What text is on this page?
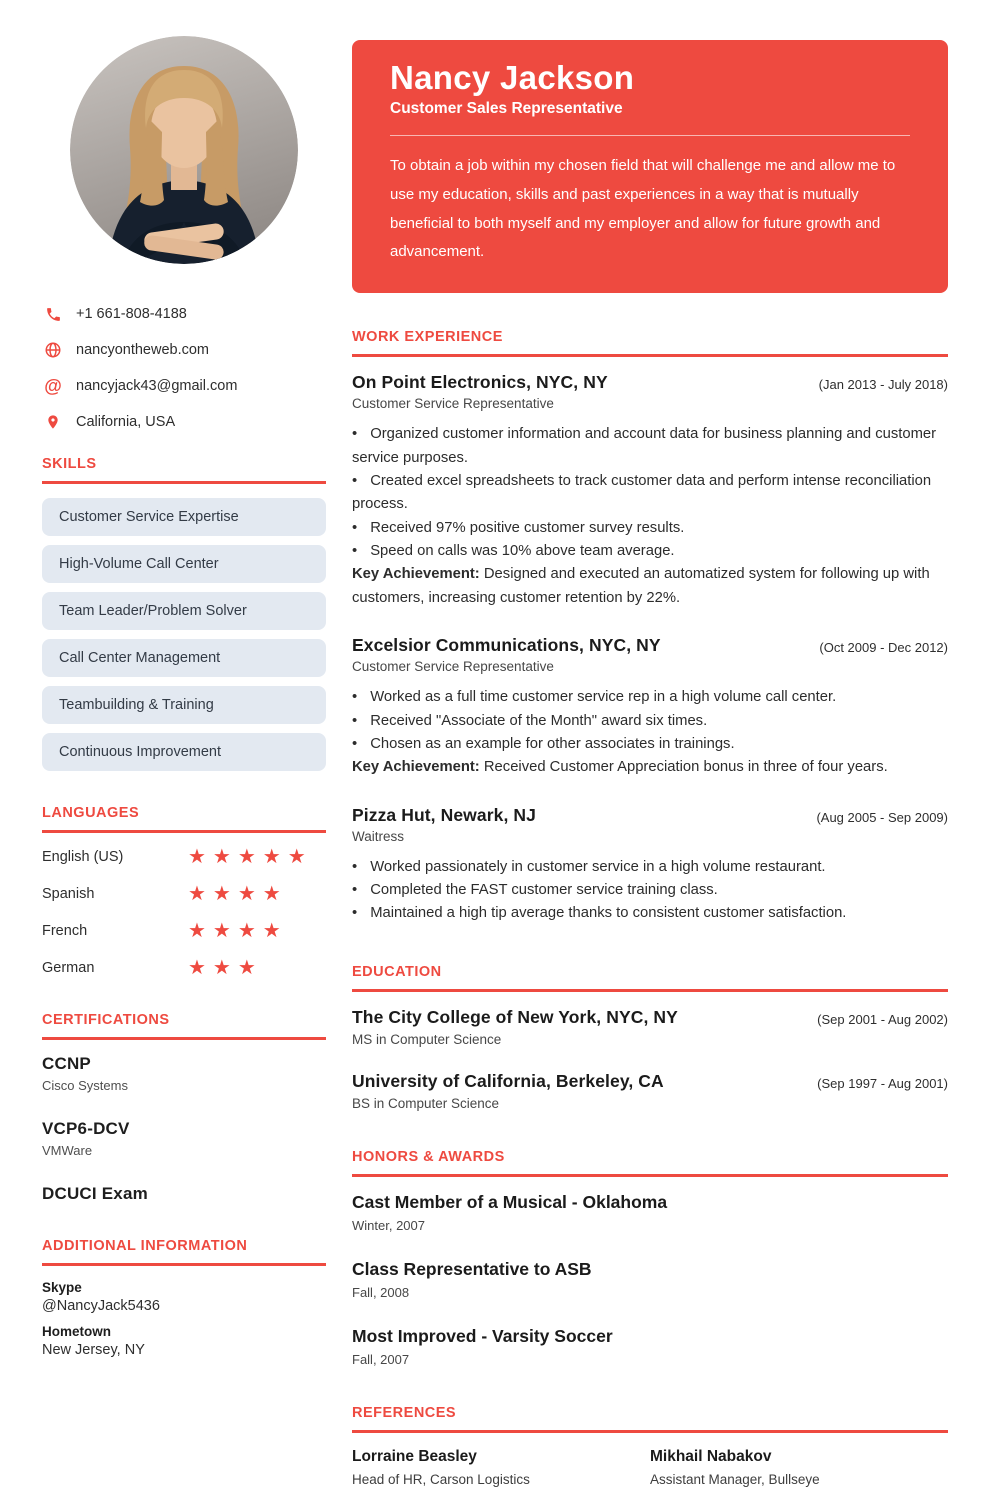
+1 661-808-4188
nancyontheweb.com
@ nancyjack43@gmail.com
California, USA
SKILLS
Customer Service Expertise
High-Volume Call Center
Team Leader/Problem Solver
Call Center Management
Teambuilding & Training
Continuous Improvement
LANGUAGES
English (US)	★★★★★
Spanish	★★★★
French	★★★★
German	★★★
CERTIFICATIONS
CCNP
Cisco Systems
VCP6-DCV
VMWare
DCUCI Exam
ADDITIONAL INFORMATION
Skype
@NancyJack5436
Hometown
New Jersey, NY
Nancy Jackson
Customer Sales Representative
To obtain a job within my chosen field that will challenge me and allow me to use my education, skills and past experiences in a way that is mutually beneficial to both myself and my employer and allow for future growth and advancement.
WORK EXPERIENCE
On Point Electronics, NYC, NY	(Jan 2013 - July 2018)
Customer Service Representative

• Organized customer information and account data for business planning and customer service purposes.

• Created excel spreadsheets to track customer data and perform intense reconciliation process.

• Received 97% positive customer survey results.

• Speed on calls was 10% above team average.

Key Achievement: Designed and executed an automatized system for following up with customers, increasing customer retention by 22%.

Excelsior Communications, NYC, NY	(Oct 2009 - Dec 2012)
Customer Service Representative

• Worked as a full time customer service rep in a high volume call center.

• Received "Associate of the Month" award six times.

• Chosen as an example for other associates in trainings.

Key Achievement: Received Customer Appreciation bonus in three of four years.

Pizza Hut, Newark, NJ	(Aug 2005 - Sep 2009)
Waitress

• Worked passionately in customer service in a high volume restaurant.

• Completed the FAST customer service training class.

• Maintained a high tip average thanks to consistent customer satisfaction.

EDUCATION
The City College of New York, NYC, NY	(Sep 2001 - Aug 2002)
MS in Computer Science
University of California, Berkeley, CA	(Sep 1997 - Aug 2001)
BS in Computer Science
HONORS & AWARDS
Cast Member of a Musical - Oklahoma
Winter, 2007
Class Representative to ASB
Fall, 2008
Most Improved - Varsity Soccer
Fall, 2007
REFERENCES
Lorraine Beasley
Head of HR, Carson Logistics
Mikhail Nabakov
Assistant Manager, Bullseye
